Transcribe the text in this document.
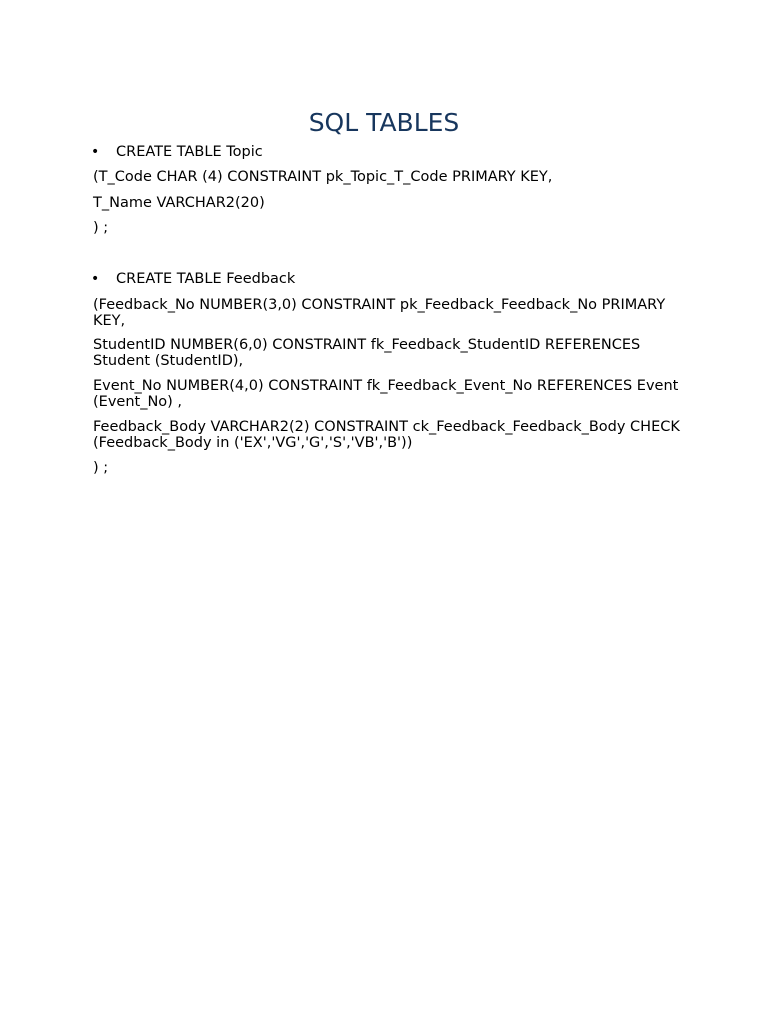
SQL TABLES
• CREATE TABLE Topic

(T_Code CHAR (4) CONSTRAINT pk_Topic_T_Code PRIMARY KEY,

T_Name VARCHAR2(20)

) ;

• CREATE TABLE Feedback

(Feedback_No NUMBER(3,0) CONSTRAINT pk_Feedback_Feedback_No PRIMARY KEY,

StudentID NUMBER(6,0) CONSTRAINT fk_Feedback_StudentID REFERENCES Student (StudentID),

Event_No NUMBER(4,0) CONSTRAINT fk_Feedback_Event_No REFERENCES Event (Event_No) ,

Feedback_Body VARCHAR2(2) CONSTRAINT ck_Feedback_Feedback_Body CHECK (Feedback_Body in ('EX','VG','G','S','VB','B'))

) ;
